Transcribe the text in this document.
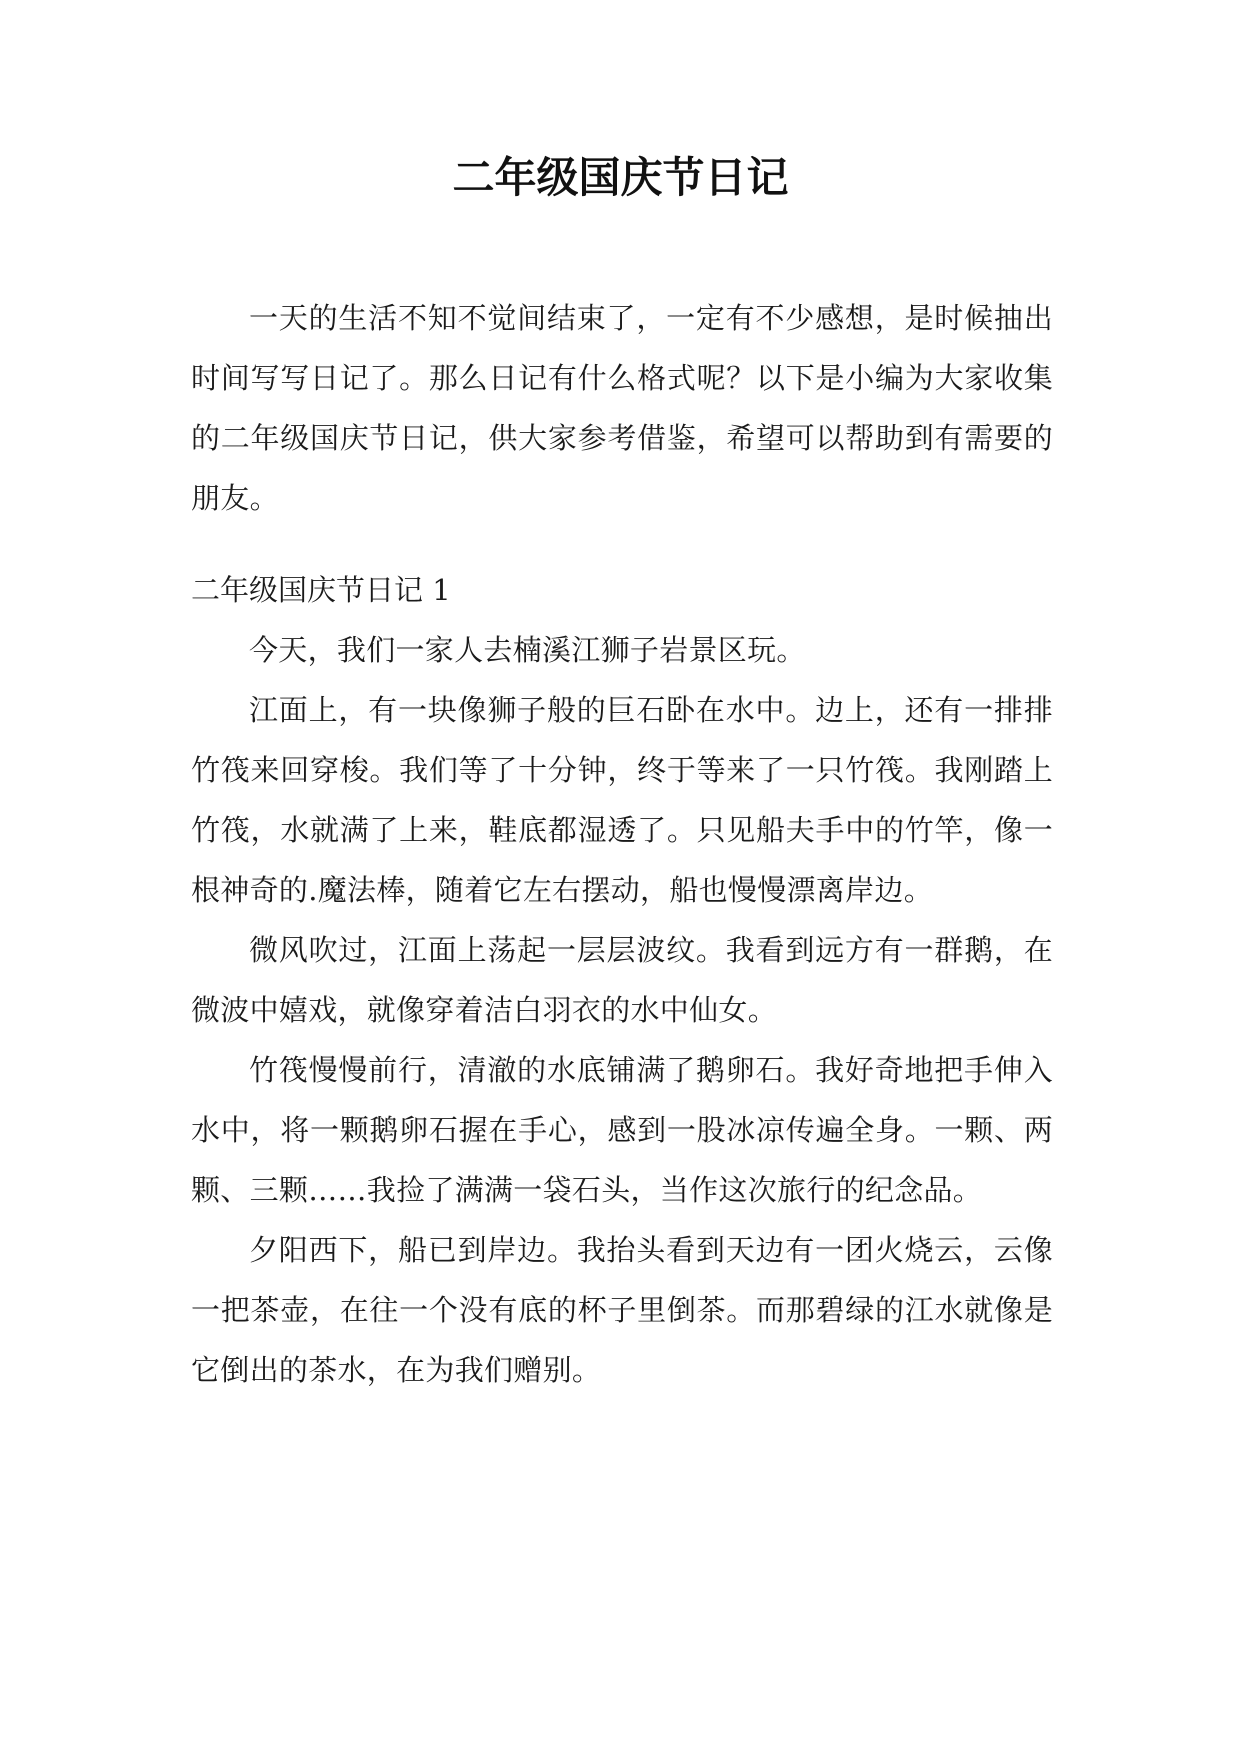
二年级国庆节日记

一天的生活不知不觉间结束了，一定有不少感想，是时候抽出时间写写日记了。那么日记有什么格式呢？以下是小编为大家收集的二年级国庆节日记，供大家参考借鉴，希望可以帮助到有需要的朋友。

二年级国庆节日记 1

今天，我们一家人去楠溪江狮子岩景区玩。

江面上，有一块像狮子般的巨石卧在水中。边上，还有一排排竹筏来回穿梭。我们等了十分钟，终于等来了一只竹筏。我刚踏上竹筏，水就满了上来，鞋底都湿透了。只见船夫手中的竹竿，像一根神奇的.魔法棒，随着它左右摆动，船也慢慢漂离岸边。

微风吹过，江面上荡起一层层波纹。我看到远方有一群鹅，在微波中嬉戏，就像穿着洁白羽衣的水中仙女。

竹筏慢慢前行，清澈的水底铺满了鹅卵石。我好奇地把手伸入水中，将一颗鹅卵石握在手心，感到一股冰凉传遍全身。一颗、两颗、三颗……我捡了满满一袋石头，当作这次旅行的纪念品。

夕阳西下，船已到岸边。我抬头看到天边有一团火烧云，云像一把茶壶，在往一个没有底的杯子里倒茶。而那碧绿的江水就像是它倒出的茶水，在为我们赠别。
